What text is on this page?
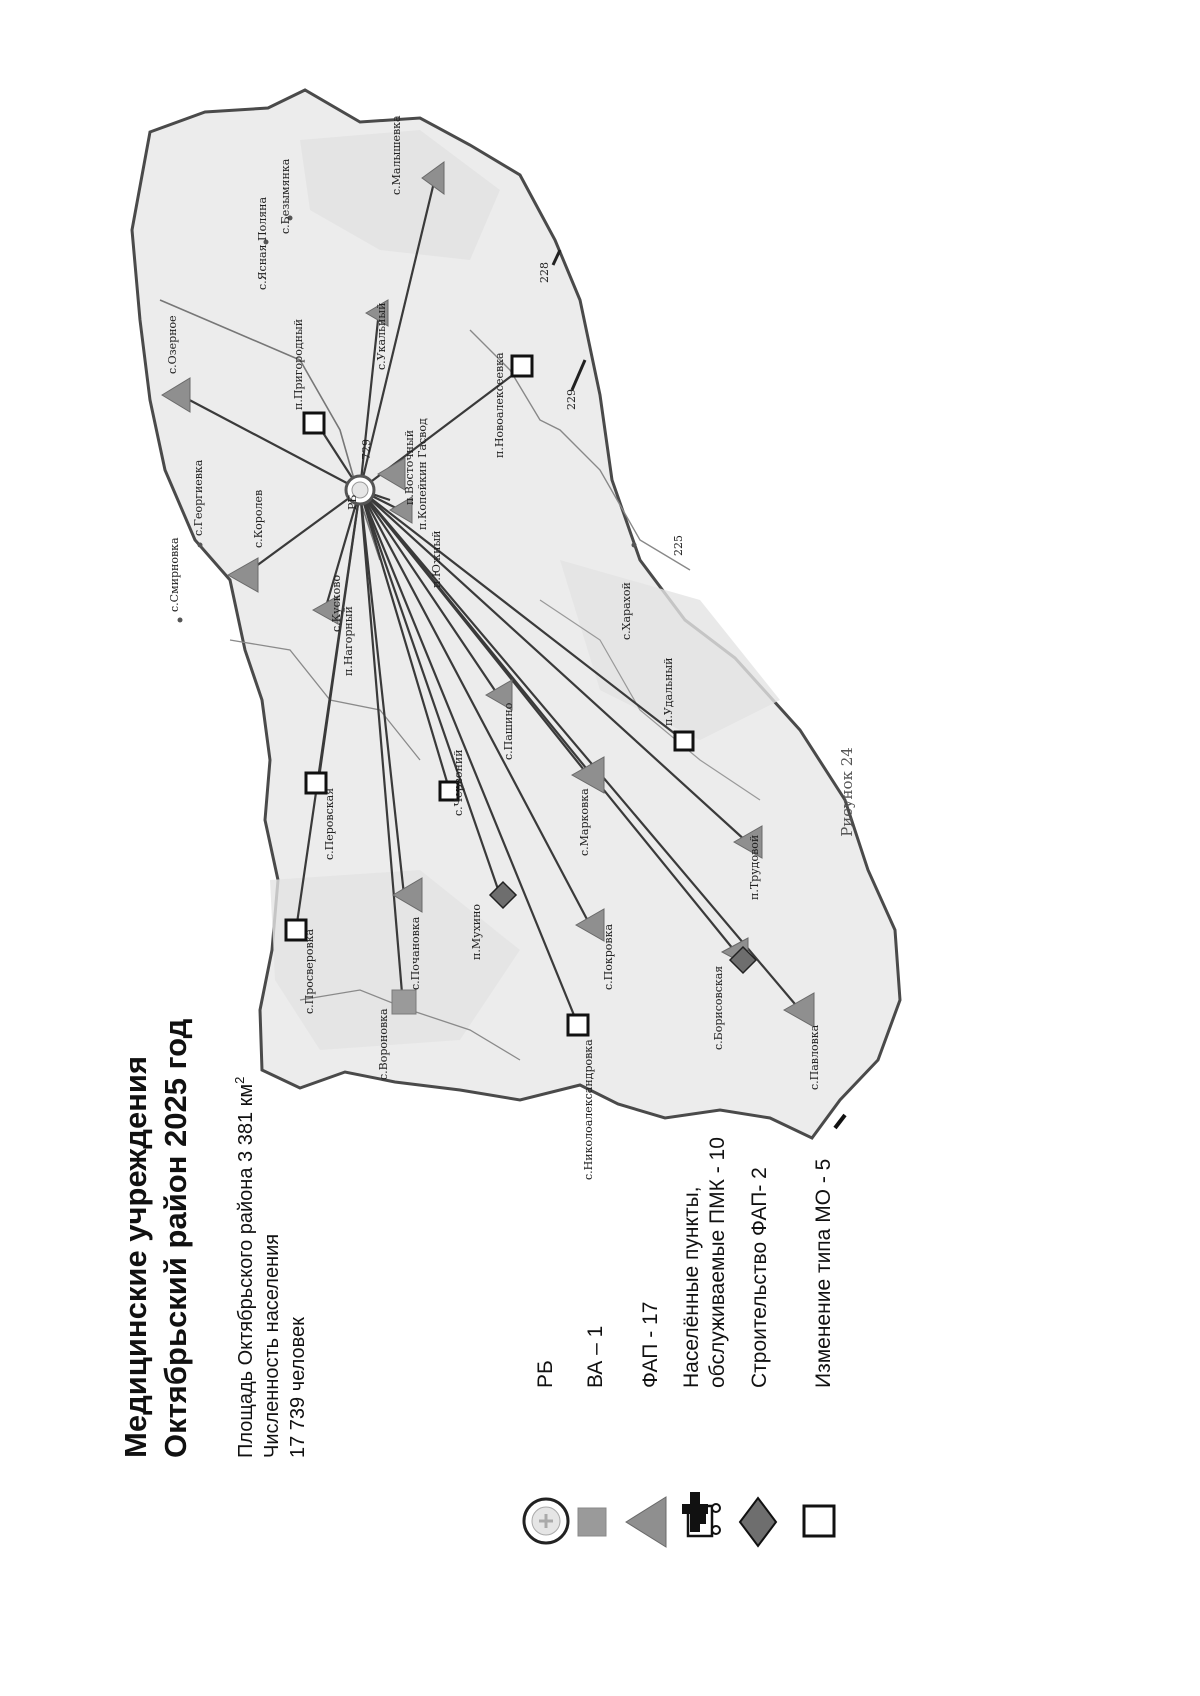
225
229
228
РБ
729
с.Озерное	п.Пригородный	с.Укальный
с.Малышевка
с.Ясная Поляна
с.Безымянка
с.Смирновка
с.Георгиевка	с.Королев
п.Восточный п.Копейкин Гасвод
п.Новоалексеевка
п.Нагорный
с.Кусково
п.Южный
с.Харахой
с.Пашино
п.Удальный
с.Перовская
с.Червоний
с.Марковка
п.Трудовой
с.Просверовка	с.Почановка	п.Мухино	с.Покровка
с.Борисовская
с.Вороновка	с.Николоалександровка	с.Павловка
Рисунок 24
Медицинские учреждения Октябрьский район 2025 год Площадь Октябрьского района 3 381 $км^2$
Численность населения 17 739 человек	РБ ВА – 1 ФАП - 17 Населённые пункты, обслуживаемые ПМК - 10 Строительство ФАП- 2 Изменение типа МО - 5
